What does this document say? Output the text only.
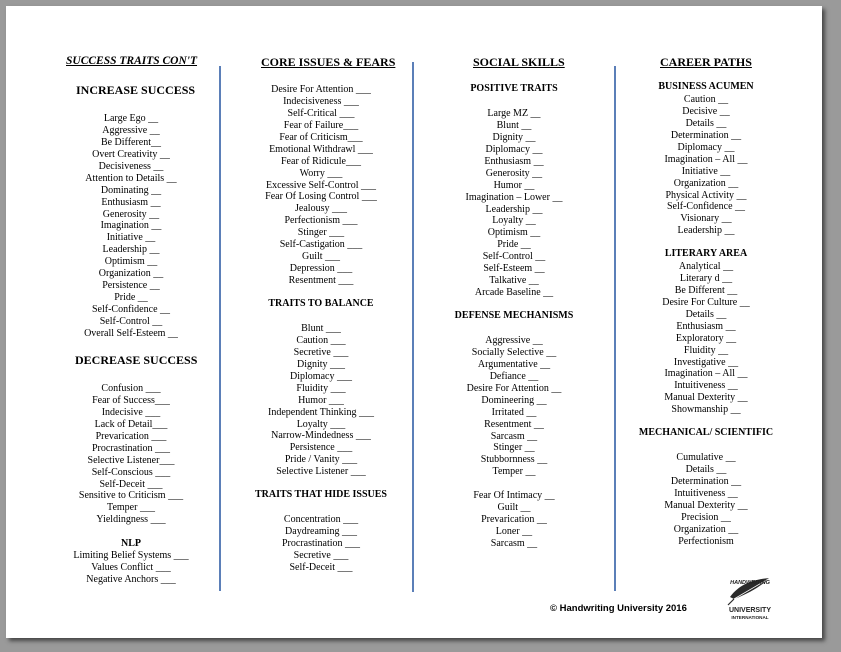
SUCCESS TRAITS CON'T
INCREASE SUCCESS
Large Ego __
Aggressive __
Be Different__
Overt Creativity __
Decisiveness __
Attention to Details __
Dominating __
Enthusiasm __
Generosity __
Imagination __
Initiative __
Leadership __
Optimism __
Organization __
Persistence __
Pride __
Self-Confidence __
Self-Control __
Overall Self-Esteem __
DECREASE SUCCESS
Confusion ___
Fear of Success___
Indecisive ___
Lack of Detail___
Prevarication ___
Procrastination ___
Selective Listener___
Self-Conscious ___
Self-Deceit ___
Sensitive to Criticism ___
Temper ___
Yieldingness ___
NLP
Limiting Belief Systems ___
Values Conflict ___
Negative Anchors ___
CORE ISSUES & FEARS
Desire For Attention ___
Indecisiveness ___
Self-Critical ___
Fear of Failure___
Fear of Criticism___
Emotional Withdrawl ___
Fear of Ridicule___
Worry ___
Excessive Self-Control ___
Fear Of Losing Control ___
Jealousy ___
Perfectionism ___
Stinger ___
Self-Castigation ___
Guilt ___
Depression ___
Resentment ___
TRAITS TO BALANCE
Blunt ___
Caution ___
Secretive ___
Dignity ___
Diplomacy ___
Fluidity ___
Humor ___
Independent Thinking ___
Loyalty ___
Narrow-Mindedness ___
Persistence ___
Pride / Vanity ___
Selective Listener ___
TRAITS THAT HIDE ISSUES
Concentration ___
Daydreaming ___
Procrastination ___
Secretive ___
Self-Deceit ___
SOCIAL SKILLS
POSITIVE TRAITS
Large MZ __
Blunt __
Dignity __
Diplomacy __
Enthusiasm __
Generosity __
Humor __
Imagination – Lower __
Leadership __
Loyalty __
Optimism __
Pride __
Self-Control __
Self-Esteem __
Talkative __
Arcade Baseline __
DEFENSE MECHANISMS
Aggressive __
Socially Selective __
Argumentative __
Defiance __
Desire For Attention __
Domineering __
Irritated __
Resentment __
Sarcasm __
Stinger __
Stubbornness __
Temper __
Fear Of Intimacy __
Guilt __
Prevarication __
Loner __
Sarcasm __
CAREER PATHS
BUSINESS ACUMEN
Caution __
Decisive __
Details __
Determination __
Diplomacy __
Imagination – All __
Initiative __
Organization __
Physical Activity __
Self-Confidence __
Visionary __
Leadership __
LITERARY AREA
Analytical __
Literary d __
Be Different __
Desire For Culture __
Details __
Enthusiasm __
Exploratory __
Fluidity __
Investigative __
Imagination – All __
Intuitiveness __
Manual Dexterity __
Showmanship __
MECHANICAL/ SCIENTIFIC
Cumulative __
Details __
Determination __
Intuitiveness __
Manual Dexterity __
Precision __
Organization __
Perfectionism
© Handwriting University 2016
HANDWRITING
UNIVERSITY
INTERNATIONAL
